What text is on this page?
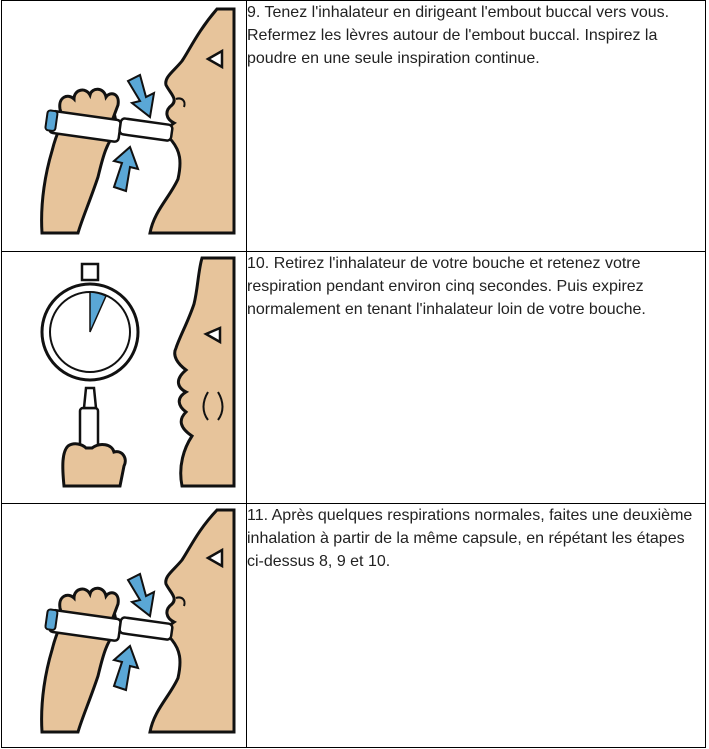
	9. Tenez l'inhalateur en dirigeant l'embout buccal vers vous. Refermez les lèvres autour de l'embout buccal. Inspirez la poudre en une seule inspiration continue.

	10. Retirez l'inhalateur de votre bouche et retenez votre respiration pendant environ cinq secondes. Puis expirez normalement en tenant l'inhalateur loin de votre bouche.

	11. Après quelques respirations normales, faites une deuxième inhalation à partir de la même capsule, en répétant les étapes ci-dessus 8, 9 et 10.
